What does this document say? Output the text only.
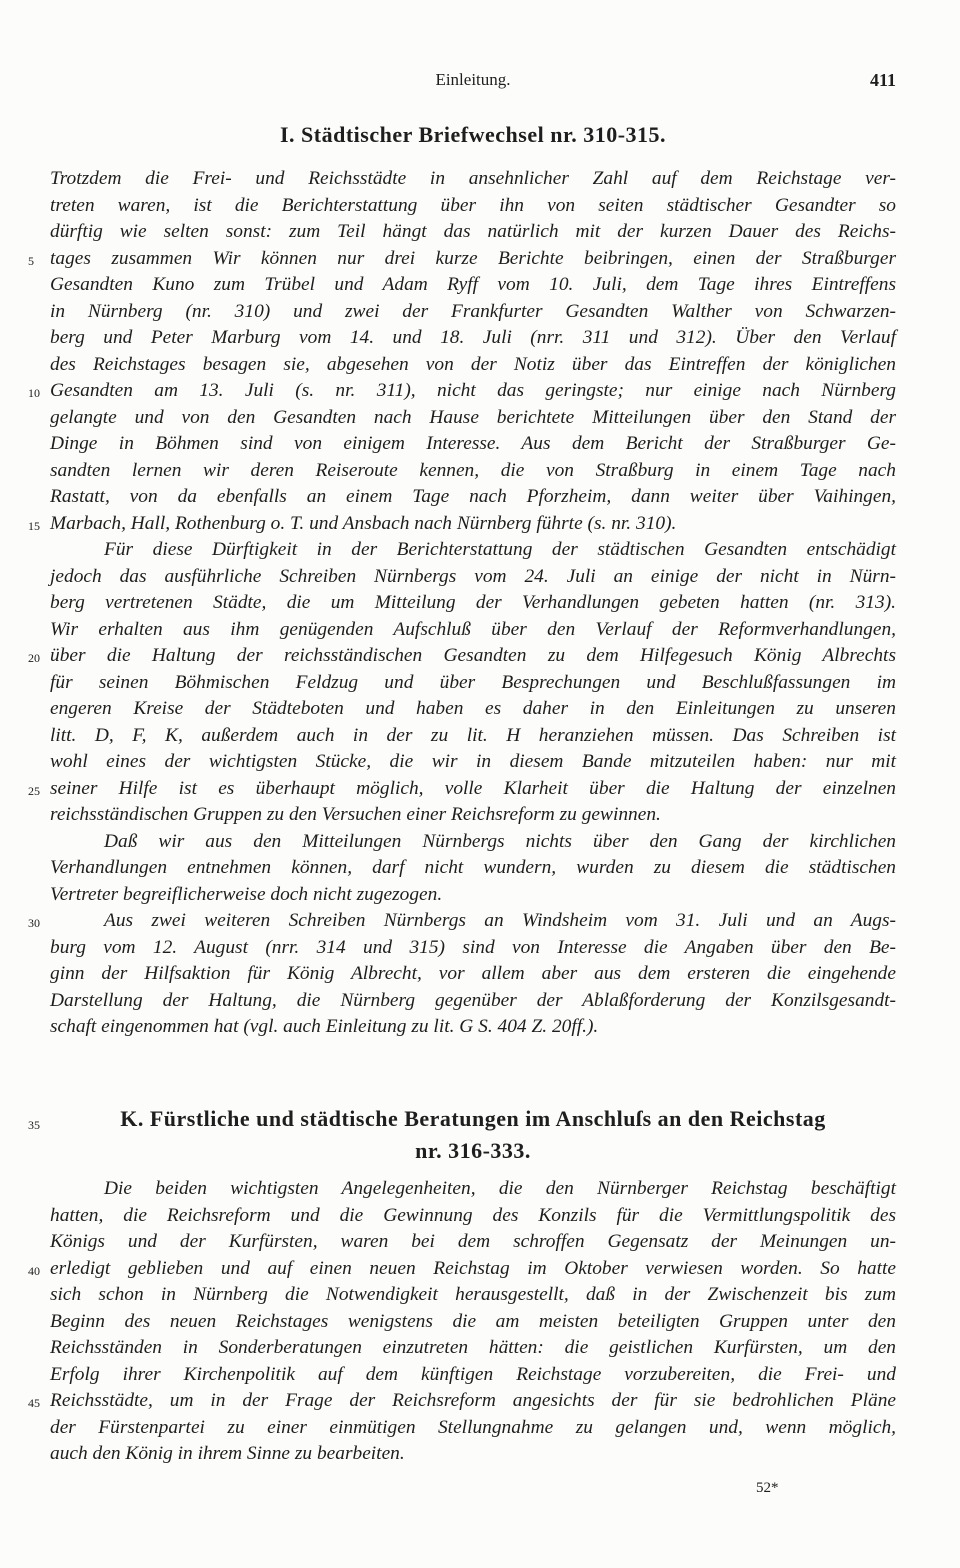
Einleitung.	411
I. Städtischer Briefwechsel nr. 310-315.
Trotzdem die Frei- und Reichsstädte in ansehnlicher Zahl auf dem Reichstage ver-
treten waren, ist die Berichterstattung über ihn von seiten städtischer Gesandter so
dürftig wie selten sonst: zum Teil hängt das natürlich mit der kurzen Dauer des Reichs-
tages zusammen Wir können nur drei kurze Berichte beibringen, einen der Straßburger
5
Gesandten Kuno zum Trübel und Adam Ryff vom 10. Juli, dem Tage ihres Eintreffens
in Nürnberg (nr. 310) und zwei der Frankfurter Gesandten Walther von Schwarzen-
berg und Peter Marburg vom 14. und 18. Juli (nrr. 311 und 312). Über den Verlauf
des Reichstages besagen sie, abgesehen von der Notiz über das Eintreffen der königlichen
Gesandten am 13. Juli (s. nr. 311), nicht das geringste; nur einige nach Nürnberg
10
gelangte und von den Gesandten nach Hause berichtete Mitteilungen über den Stand der
Dinge in Böhmen sind von einigem Interesse. Aus dem Bericht der Straßburger Ge-
sandten lernen wir deren Reiseroute kennen, die von Straßburg in einem Tage nach
Rastatt, von da ebenfalls an einem Tage nach Pforzheim, dann weiter über Vaihingen,
Marbach, Hall, Rothenburg o. T. und Ansbach nach Nürnberg führte (s. nr. 310).
15
Für diese Dürftigkeit in der Berichterstattung der städtischen Gesandten entschädigt
jedoch das ausführliche Schreiben Nürnbergs vom 24. Juli an einige der nicht in Nürn-
berg vertretenen Städte, die um Mitteilung der Verhandlungen gebeten hatten (nr. 313).
Wir erhalten aus ihm genügenden Aufschluß über den Verlauf der Reformverhandlungen,
über die Haltung der reichsständischen Gesandten zu dem Hilfegesuch König Albrechts
20
für seinen Böhmischen Feldzug und über Besprechungen und Beschlußfassungen im
engeren Kreise der Städteboten und haben es daher in den Einleitungen zu unseren
litt. D, F, K, außerdem auch in der zu lit. H heranziehen müssen. Das Schreiben ist
wohl eines der wichtigsten Stücke, die wir in diesem Bande mitzuteilen haben: nur mit
seiner Hilfe ist es überhaupt möglich, volle Klarheit über die Haltung der einzelnen
25
reichsständischen Gruppen zu den Versuchen einer Reichsreform zu gewinnen.
Daß wir aus den Mitteilungen Nürnbergs nichts über den Gang der kirchlichen
Verhandlungen entnehmen können, darf nicht wundern, wurden zu diesem die städtischen
Vertreter begreiflicherweise doch nicht zugezogen.
Aus zwei weiteren Schreiben Nürnbergs an Windsheim vom 31. Juli und an Augs-
30
burg vom 12. August (nrr. 314 und 315) sind von Interesse die Angaben über den Be-
ginn der Hilfsaktion für König Albrecht, vor allem aber aus dem ersteren die eingehende
Darstellung der Haltung, die Nürnberg gegenüber der Ablaßforderung der Konzilsgesandt-
schaft eingenommen hat (vgl. auch Einleitung zu lit. G S. 404 Z. 20ff.).
35	K. Fürstliche und städtische Beratungen im Anschluſs an den Reichstag
nr. 316-333.
Die beiden wichtigsten Angelegenheiten, die den Nürnberger Reichstag beschäftigt
hatten, die Reichsreform und die Gewinnung des Konzils für die Vermittlungspolitik des
Königs und der Kurfürsten, waren bei dem schroffen Gegensatz der Meinungen un-
erledigt geblieben und auf einen neuen Reichstag im Oktober verwiesen worden. So hatte
40
sich schon in Nürnberg die Notwendigkeit herausgestellt, daß in der Zwischenzeit bis zum
Beginn des neuen Reichstages wenigstens die am meisten beteiligten Gruppen unter den
Reichsständen in Sonderberatungen einzutreten hätten: die geistlichen Kurfürsten, um den
Erfolg ihrer Kirchenpolitik auf dem künftigen Reichstage vorzubereiten, die Frei- und
Reichsstädte, um in der Frage der Reichsreform angesichts der für sie bedrohlichen Pläne
45
der Fürstenpartei zu einer einmütigen Stellungnahme zu gelangen und, wenn möglich,
auch den König in ihrem Sinne zu bearbeiten.
52*
